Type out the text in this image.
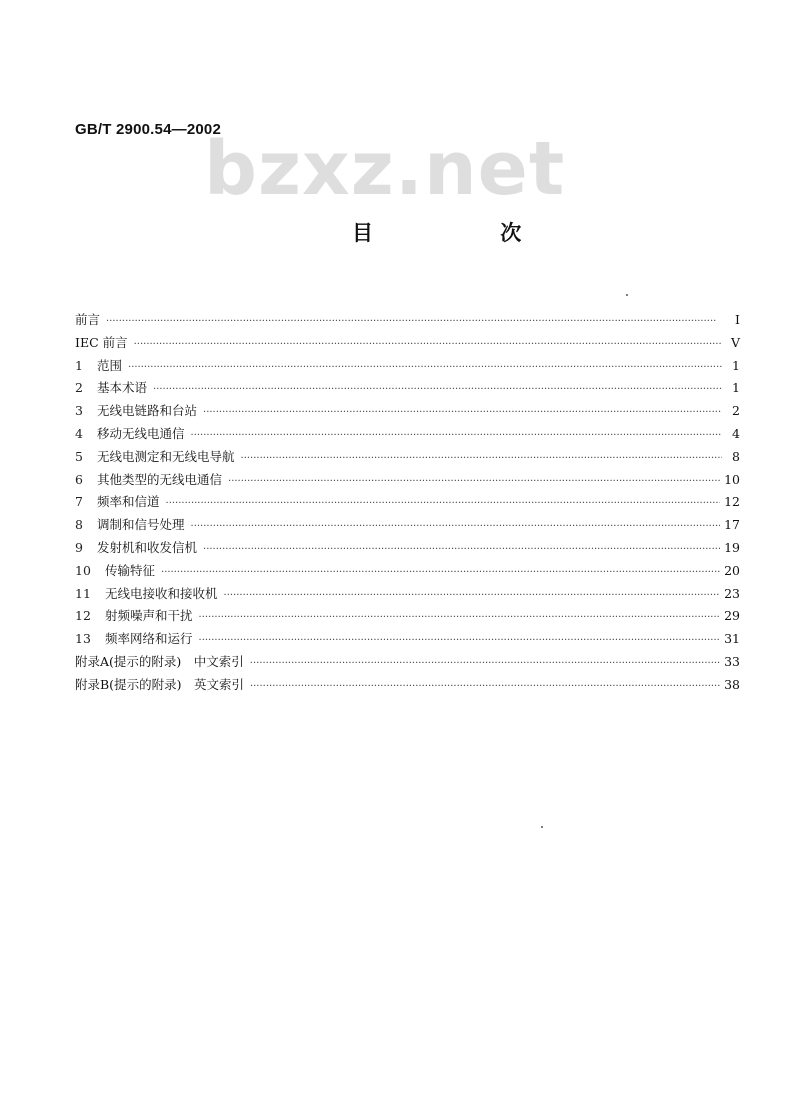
GB/T 2900.54—2002
bzxz.net
目 次
前言 ·····	Ⅰ
IEC 前言 ·····	Ⅴ
1	范围 ·····	1
2	基本术语 ·····	1
3	无线电链路和台站 ·····	2
4	移动无线电通信 ·····	4
5	无线电测定和无线电导航 ·····	8
6	其他类型的无线电通信 ·····	10
7	频率和信道 ·····	12
8	调制和信号处理 ·····	17
9	发射机和收发信机 ·····	19
10	传输特征 ·····	20
11	无线电接收和接收机 ·····	23
12	射频噪声和干扰 ·····	29
13	频率网络和运行 ·····	31
附录A(提示的附录)　中文索引 ·····	33
附录B(提示的附录)　英文索引 ·····	38
